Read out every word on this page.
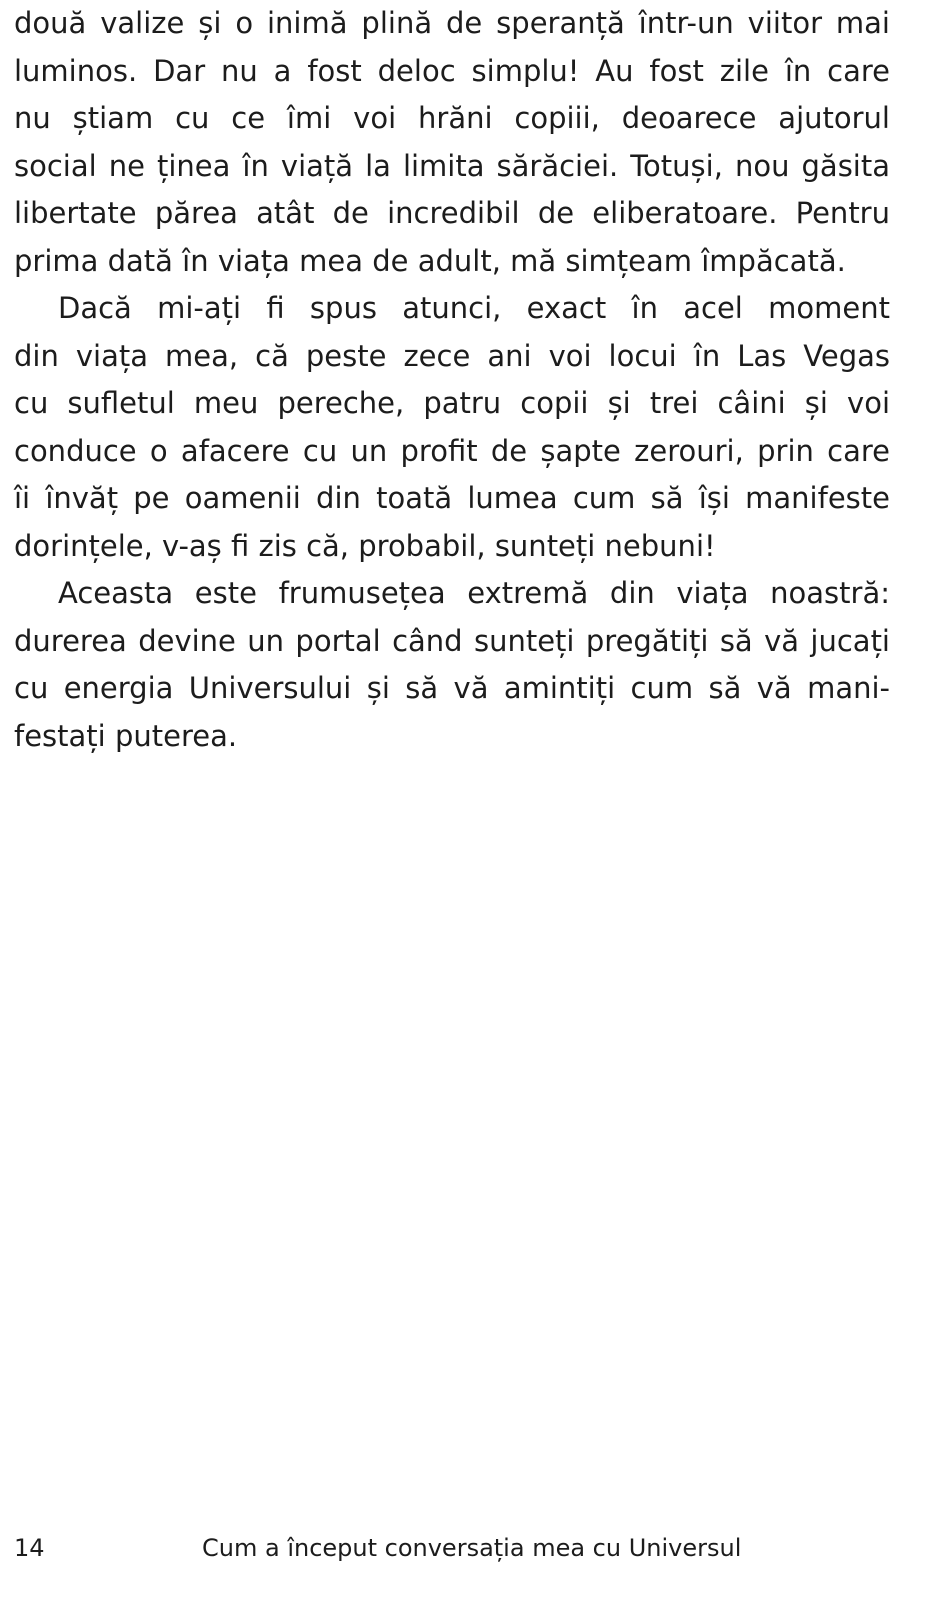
două valize și o inimă plină de speranță într-un viitor mai
luminos. Dar nu a fost deloc simplu! Au fost zile în care
nu știam cu ce îmi voi hrăni copiii, deoarece ajutorul
social ne ținea în viață la limita sărăciei. Totuși, nou găsita
libertate părea atât de incredibil de eliberatoare. Pentru
prima dată în viața mea de adult, mă simțeam împăcată.
Dacă mi-ați fi spus atunci, exact în acel moment
din viața mea, că peste zece ani voi locui în Las Vegas
cu sufletul meu pereche, patru copii și trei câini și voi
conduce o afacere cu un profit de șapte zerouri, prin care
îi învăț pe oamenii din toată lumea cum să își manifeste
dorințele, v-aș fi zis că, probabil, sunteți nebuni!
Aceasta este frumusețea extremă din viața noastră:
durerea devine un portal când sunteți pregătiți să vă jucați
cu energia Universului și să vă amintiți cum să vă mani-
festați puterea.
14	Cum a început conversația mea cu Universul
